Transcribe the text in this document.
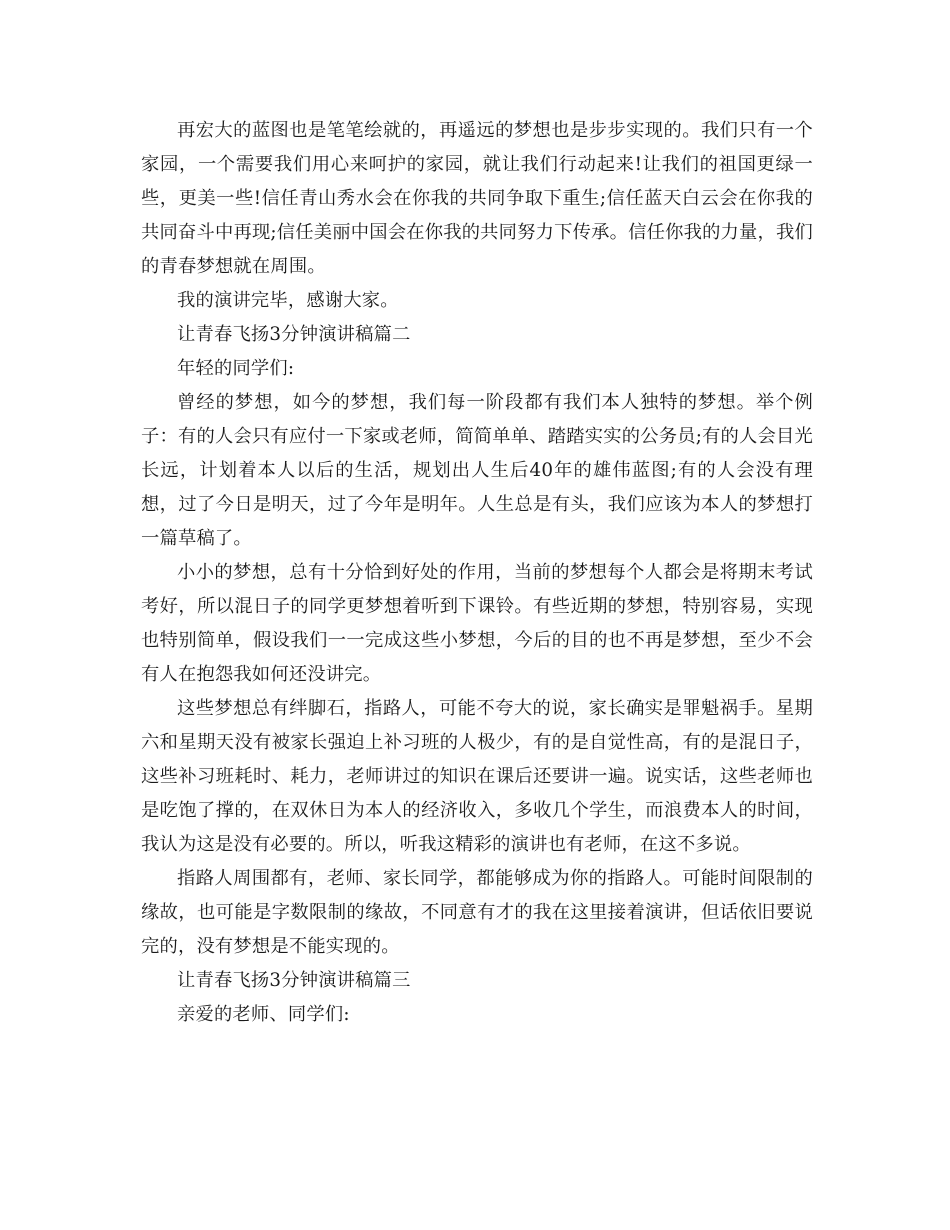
再宏大的蓝图也是笔笔绘就的，再遥远的梦想也是步步实现的。我们只有一个家园，一个需要我们用心来呵护的家园，就让我们行动起来!让我们的祖国更绿一些，更美一些!信任青山秀水会在你我的共同争取下重生;信任蓝天白云会在你我的共同奋斗中再现;信任美丽中国会在你我的共同努力下传承。信任你我的力量，我们的青春梦想就在周围。

我的演讲完毕，感谢大家。

让青春飞扬3分钟演讲稿篇二

年轻的同学们:

曾经的梦想，如今的梦想，我们每一阶段都有我们本人独特的梦想。举个例子：有的人会只有应付一下家或老师，简简单单、踏踏实实的公务员;有的人会目光长远，计划着本人以后的生活，规划出人生后40年的雄伟蓝图;有的人会没有理想，过了今日是明天，过了今年是明年。人生总是有头，我们应该为本人的梦想打一篇草稿了。

小小的梦想，总有十分恰到好处的作用，当前的梦想每个人都会是将期末考试考好，所以混日子的同学更梦想着听到下课铃。有些近期的梦想，特别容易，实现也特别简单，假设我们一一完成这些小梦想，今后的目的也不再是梦想，至少不会有人在抱怨我如何还没讲完。

这些梦想总有绊脚石，指路人，可能不夸大的说，家长确实是罪魁祸手。星期六和星期天没有被家长强迫上补习班的人极少，有的是自觉性高，有的是混日子，这些补习班耗时、耗力，老师讲过的知识在课后还要讲一遍。说实话，这些老师也是吃饱了撑的，在双休日为本人的经济收入，多收几个学生，而浪费本人的时间，我认为这是没有必要的。所以，听我这精彩的演讲也有老师，在这不多说。

指路人周围都有，老师、家长同学，都能够成为你的指路人。可能时间限制的缘故，也可能是字数限制的缘故，不同意有才的我在这里接着演讲，但话依旧要说完的，没有梦想是不能实现的。

让青春飞扬3分钟演讲稿篇三

亲爱的老师、同学们:
